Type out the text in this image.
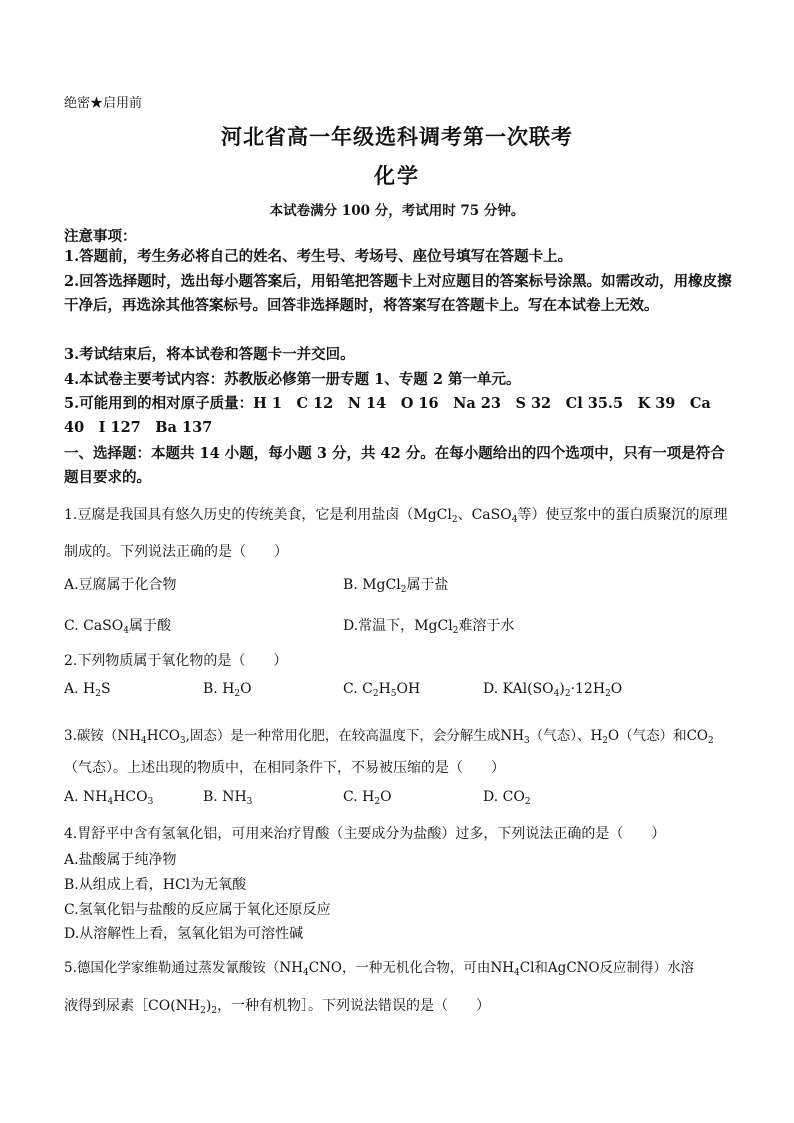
绝密★启用前
河北省高一年级选科调考第一次联考
化学
本试卷满分 100 分，考试用时 75 分钟。
注意事项：
1.答题前，考生务必将自己的姓名、考生号、考场号、座位号填写在答题卡上。
2.回答选择题时，选出每小题答案后，用铅笔把答题卡上对应题目的答案标号涂黑。如需改动，用橡皮擦干净后，再选涂其他答案标号。回答非选择题时，将答案写在答题卡上。写在本试卷上无效。
3.考试结束后，将本试卷和答题卡一并交回。
4.本试卷主要考试内容：苏教版必修第一册专题 1、专题 2 第一单元。
5.可能用到的相对原子质量：H 1　C 12　N 14　O 16　Na 23　S 32　Cl 35.5　K 39　Ca 40　I 127　Ba 137
一、选择题：本题共 14 小题，每小题 3 分，共 42 分。在每小题给出的四个选项中，只有一项是符合题目要求的。
1.豆腐是我国具有悠久历史的传统美食，它是利用盐卤（MgCl$_2$、CaSO$_4$等）使豆浆中的蛋白质聚沉的原理
制成的。下列说法正确的是（　　）
A.豆腐属于化合物	B. MgCl$_2$属于盐
C. CaSO$_4$属于酸	D.常温下，MgCl$_2$难溶于水
2.下列物质属于氧化物的是（　　）
A. $H_2S$	B. $H_2O$	C. $C_2H_5OH$	D. $KAl(SO_4)_2\cdot 12H_2O$
3.碳铵（$NH_4HCO_3$,固态）是一种常用化肥，在较高温度下，会分解生成$NH_3$（气态）、$H_2O$（气态）和$CO_2$
（气态）。上述出现的物质中，在相同条件下，不易被压缩的是（　　）
A. $NH_4HCO_3$	B. $NH_3$	C. $H_2O$	D. $CO_2$
4.胃舒平中含有氢氧化铝，可用来治疗胃酸（主要成分为盐酸）过多，下列说法正确的是（　　）
A.盐酸属于纯净物
B.从组成上看，HCl为无氧酸
C.氢氧化铝与盐酸的反应属于氧化还原反应
D.从溶解性上看，氢氧化铝为可溶性碱
5.德国化学家维勒通过蒸发氰酸铵（$NH_4CNO$，一种无机化合物，可由$NH_4Cl$和AgCNO反应制得）水溶
液得到尿素$[CO(NH_2)_2$，一种有机物］。下列说法错误的是（　　）
